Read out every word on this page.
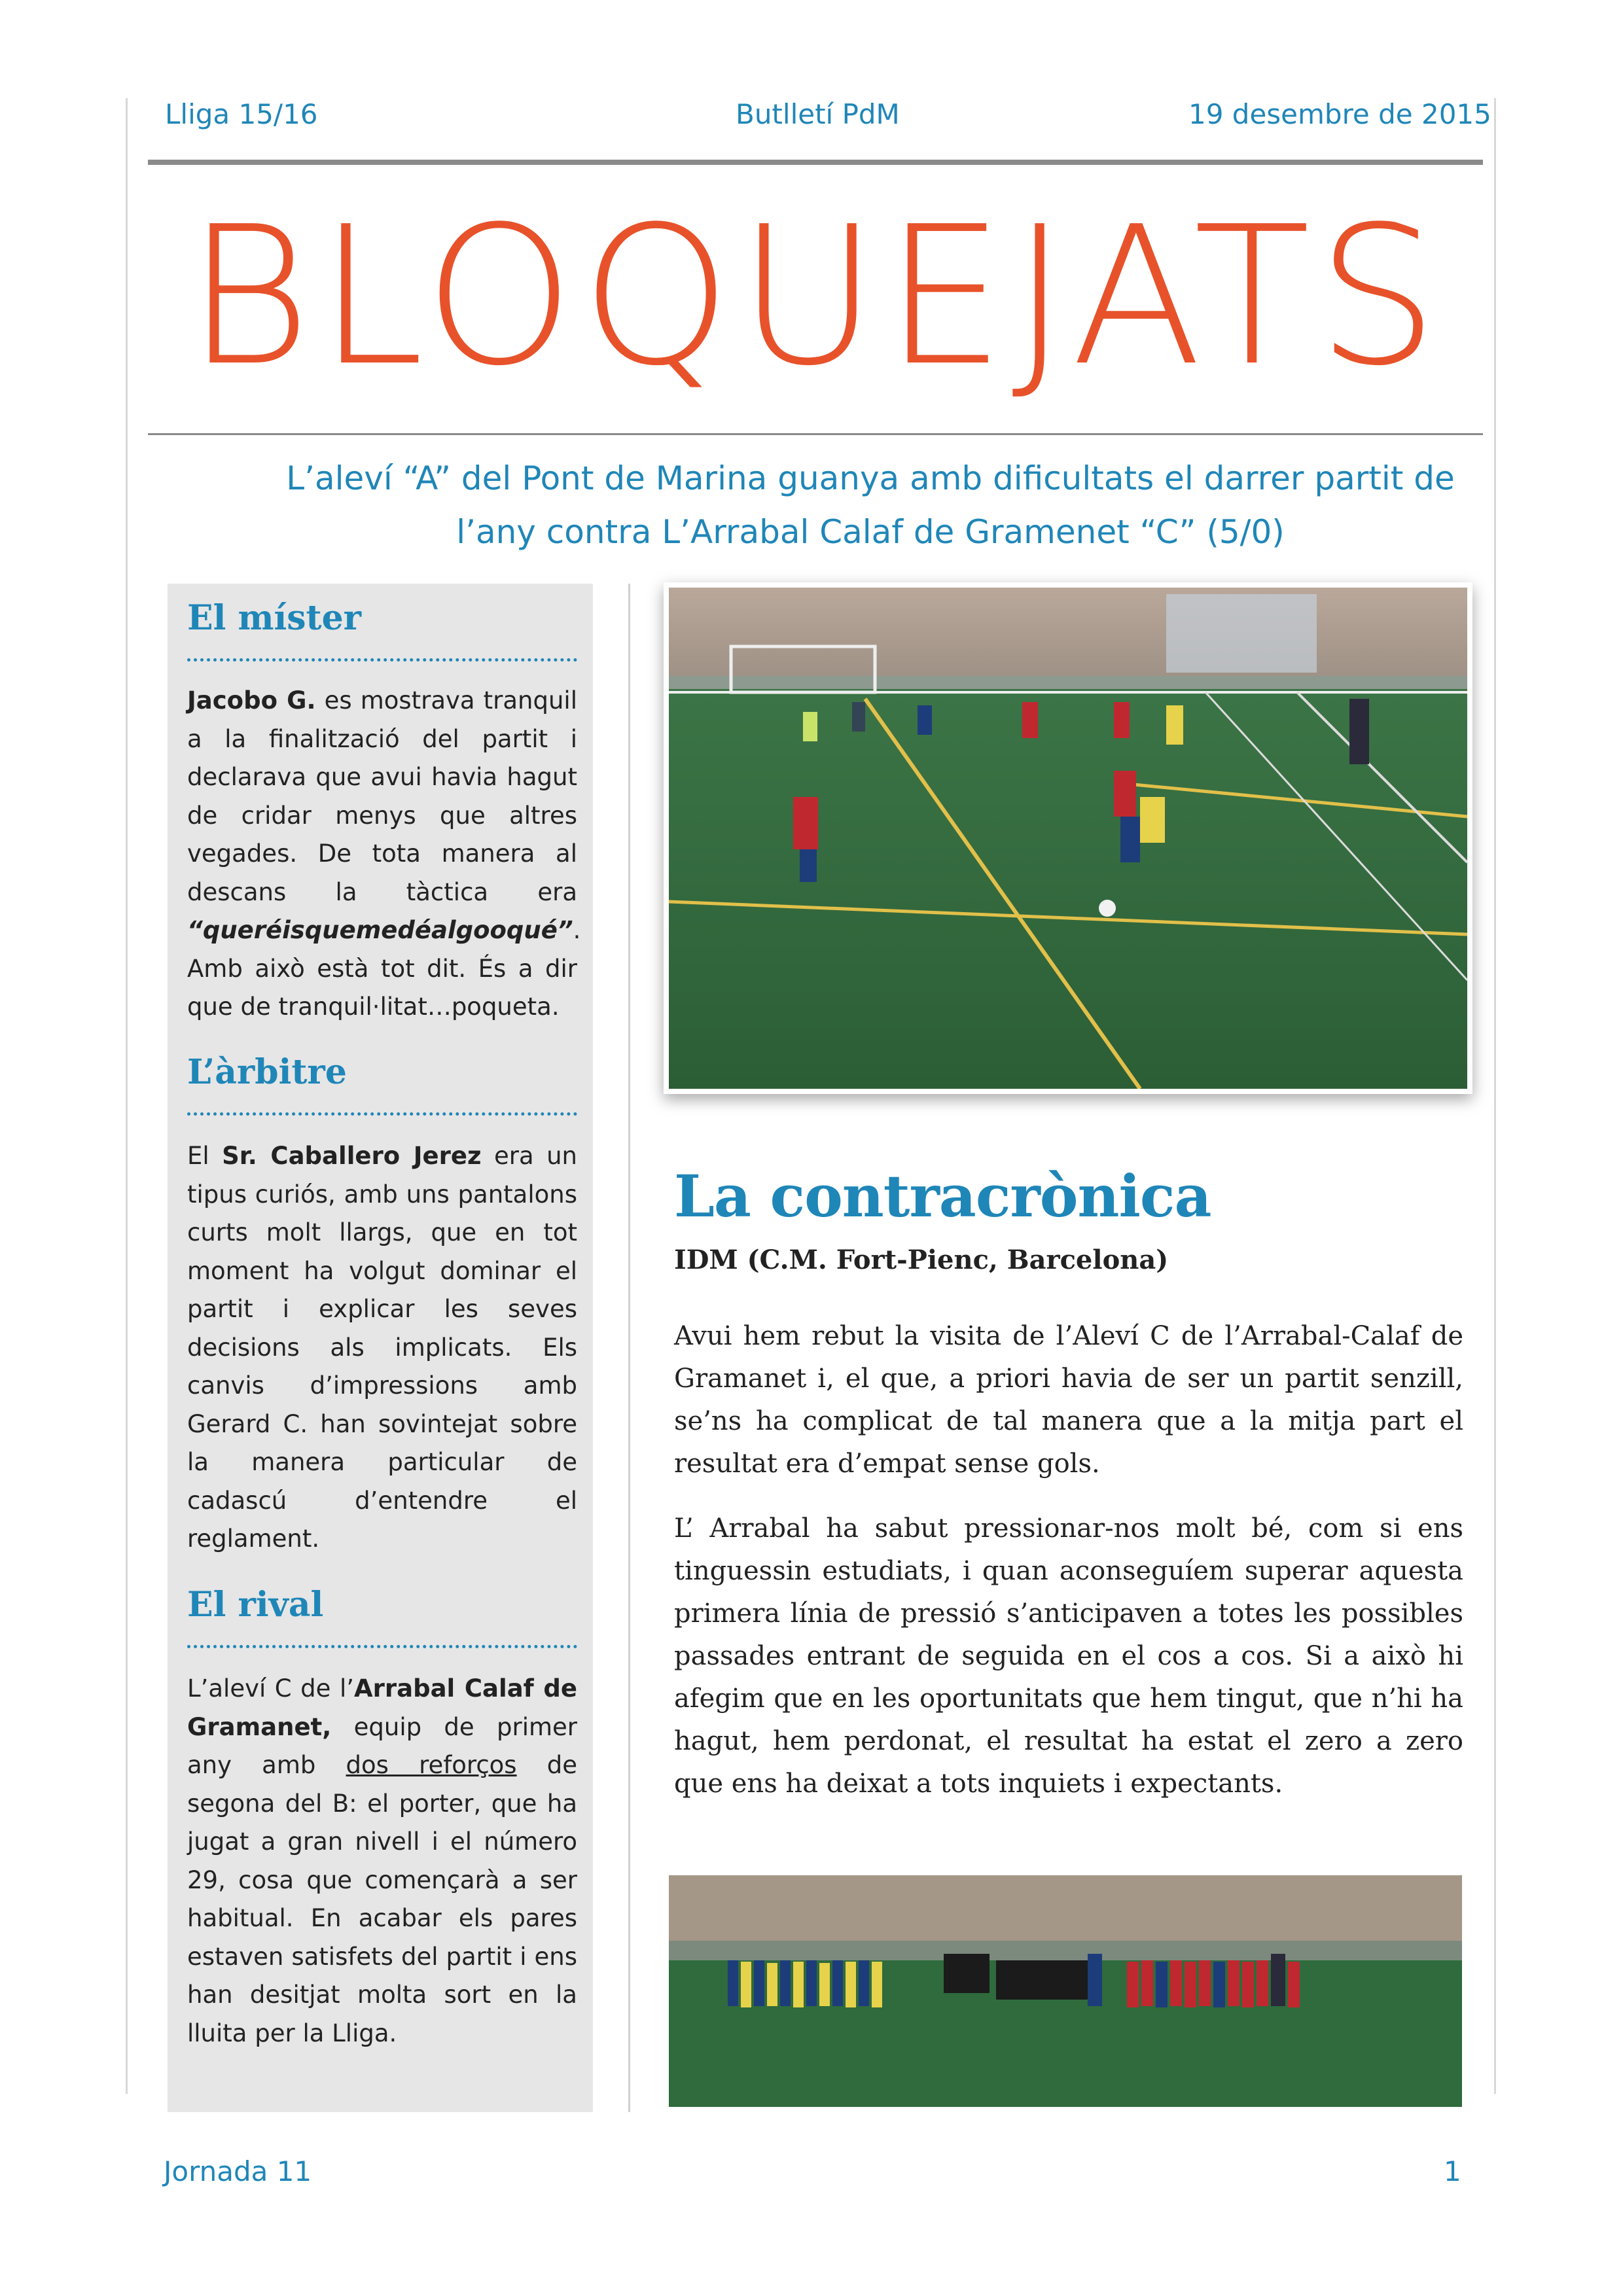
Lliga 15/16	Butlletí PdM	19 desembre de 2015
BLOQUEJATS
L’aleví “A” del Pont de Marina guanya amb dificultats el darrer partit de
l’any contra L’Arrabal Calaf de Gramenet “C” (5/0)
El míster
Jacobo G. es mostrava tranquil a la finalització del partit i declarava que avui havia hagut de cridar menys que altres vegades. De tota manera al descans la tàctica era “queréisquemedéalgooqué”. Amb això està tot dit. És a dir que de tranquil·litat…poqueta.
L’àrbitre
El Sr. Caballero Jerez era un tipus curiós, amb uns pantalons curts molt llargs, que en tot moment ha volgut dominar el partit i explicar les seves decisions als implicats. Els canvis d’impressions amb Gerard C. han sovintejat sobre la manera particular de cadascú d’entendre el reglament.
El rival
L’aleví C de l’Arrabal Calaf de Gramanet, equip de primer any amb dos reforços de segona del B: el porter, que ha jugat a gran nivell i el número 29, cosa que començarà a ser habitual. En acabar els pares estaven satisfets del partit i ens han desitjat molta sort en la lluita per la Lliga.
La contracrònica
IDM (C.M. Fort-Pienc, Barcelona)
Avui hem rebut la visita de l’Aleví C de l’Arrabal-Calaf de Gramanet i, el que, a priori havia de ser un partit senzill, se’ns ha complicat de tal manera que a la mitja part el resultat era d’empat sense gols.
L’ Arrabal ha sabut pressionar-nos molt bé, com si ens tinguessin estudiats, i quan aconseguíem superar aquesta primera línia de pressió s’anticipaven a totes les possibles passades entrant de seguida en el cos a cos. Si a això hi afegim que en les oportunitats que hem tingut, que n’hi ha hagut, hem perdonat, el resultat ha estat el zero a zero que ens ha deixat a tots inquiets i expectants.
Jornada 11	1
